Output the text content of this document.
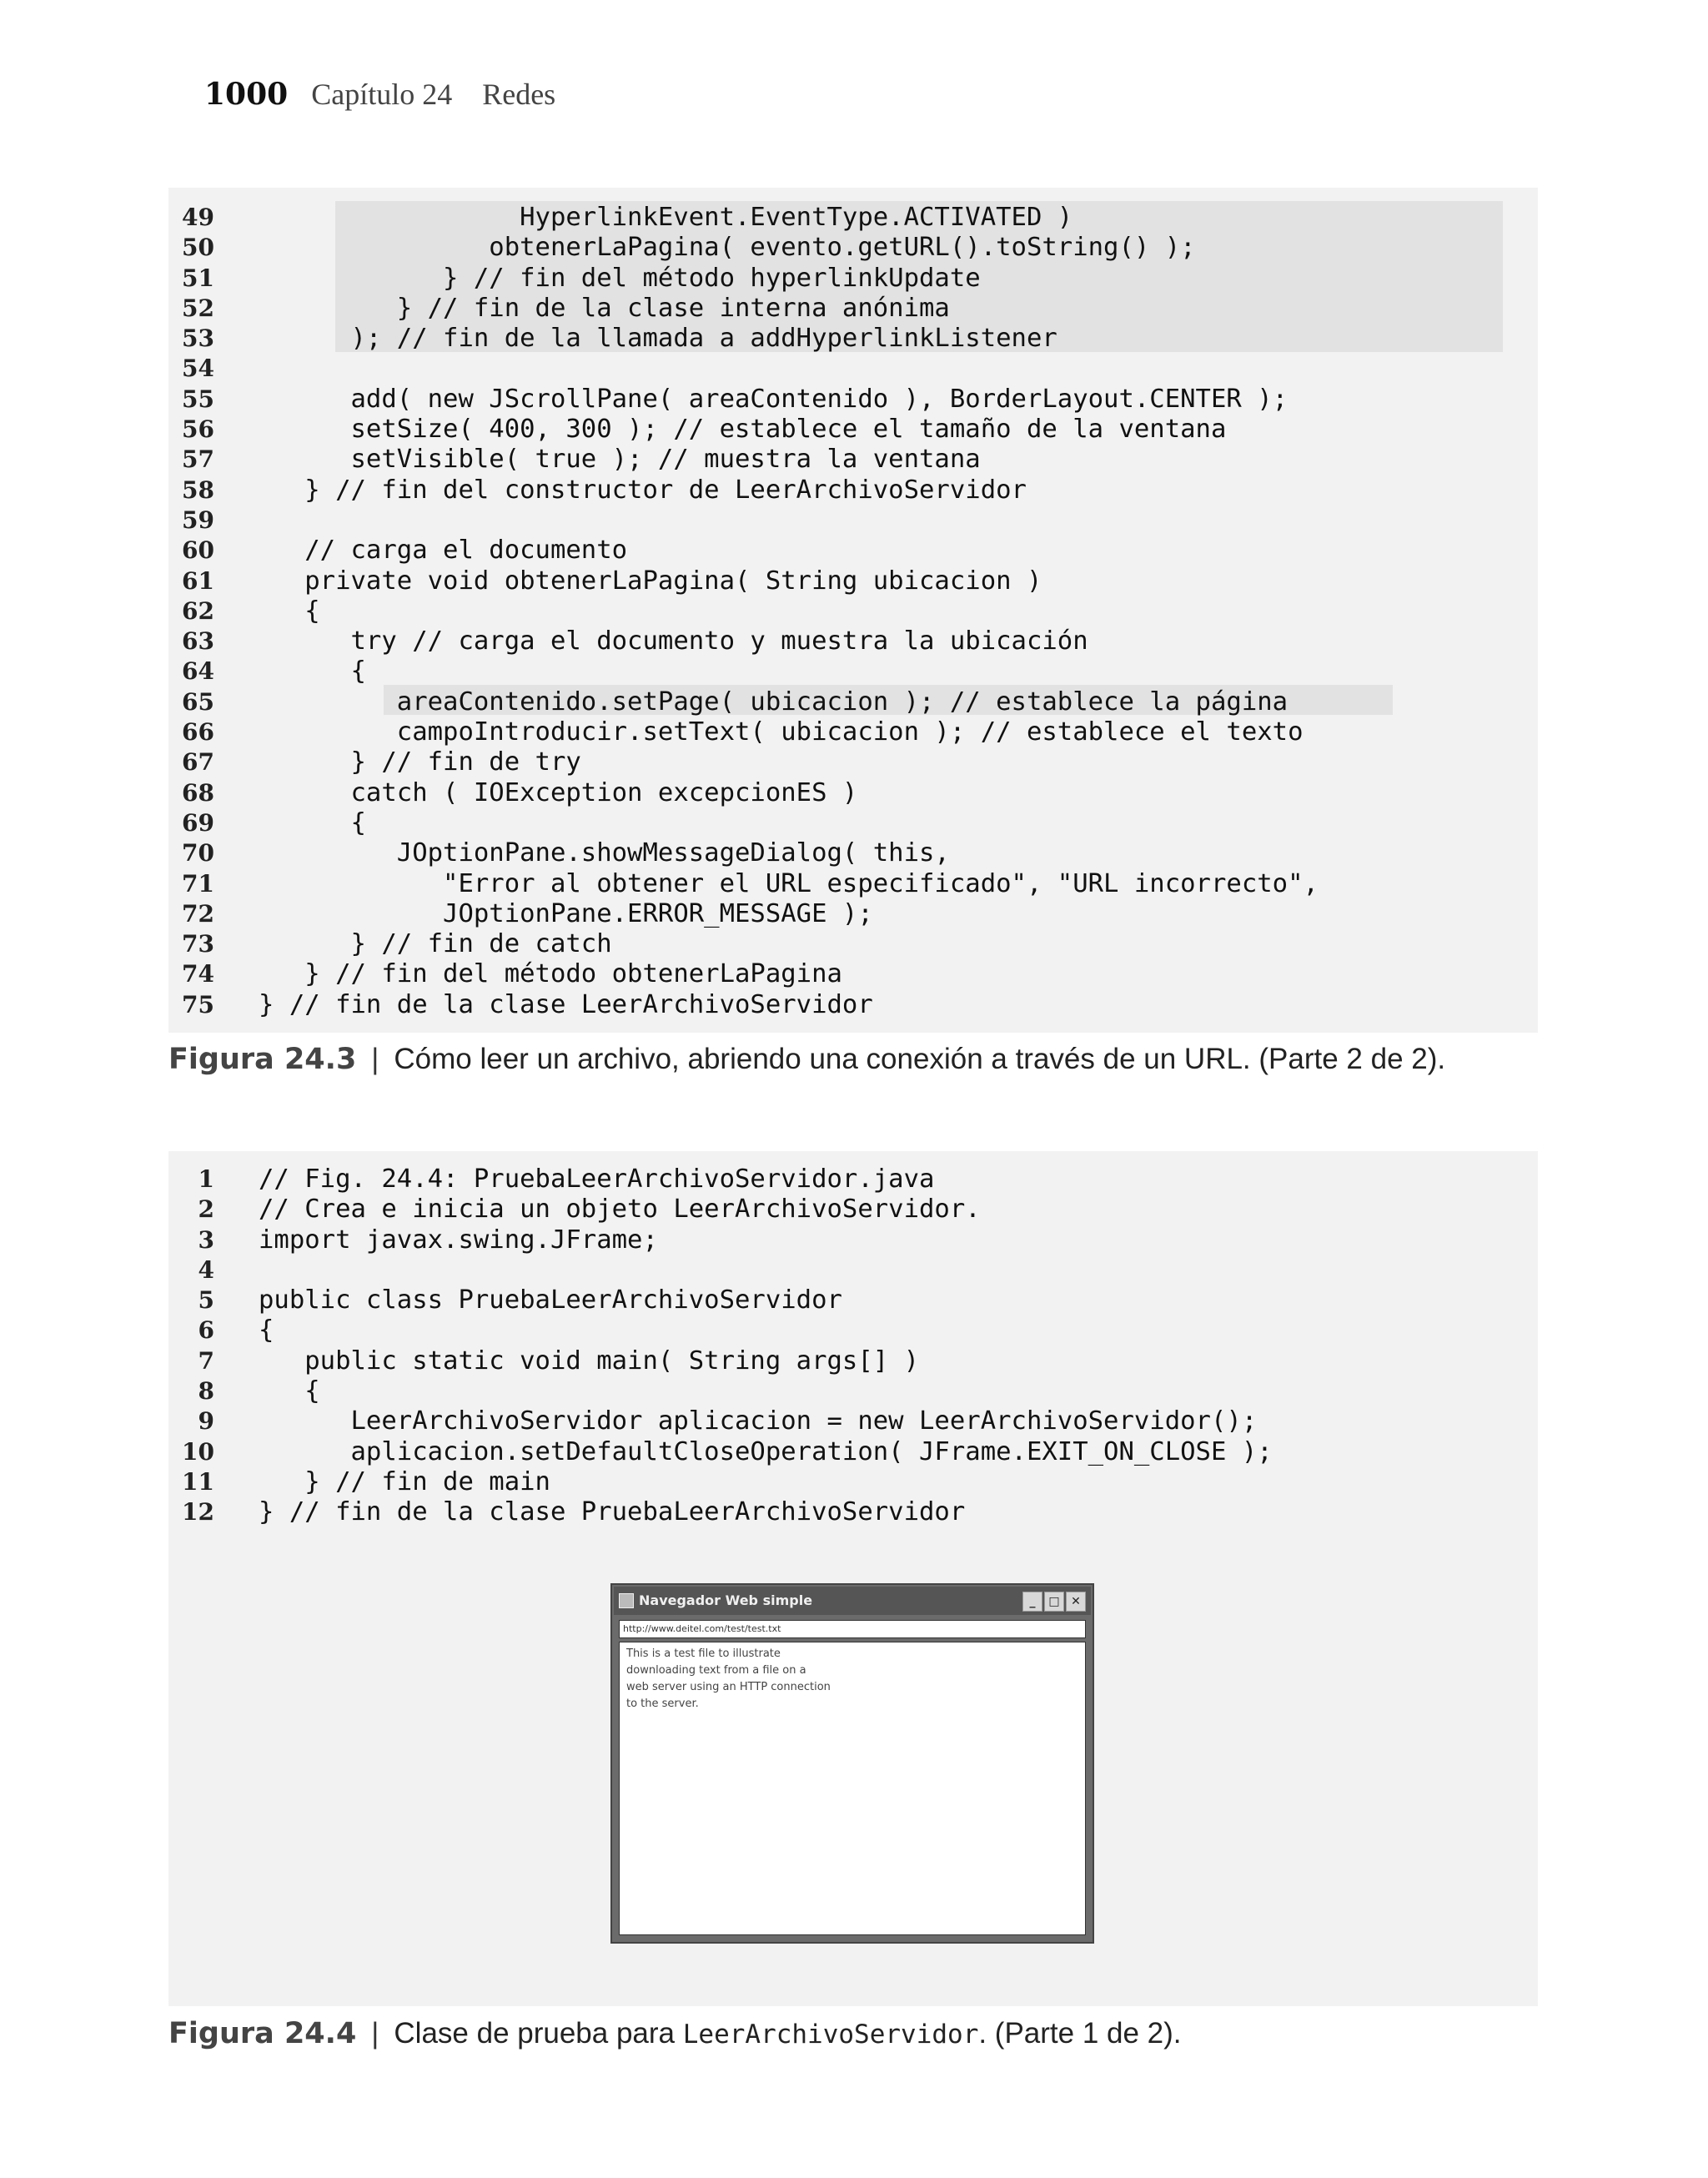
1000 Capítulo 24 Redes
49                 HyperlinkEvent.EventType.ACTIVATED )
50               obtenerLaPagina( evento.getURL().toString() );
51            } // fin del método hyperlinkUpdate
52         } // fin de la clase interna anónima
53      ); // fin de la llamada a addHyperlinkListener
54
55      add( new JScrollPane( areaContenido ), BorderLayout.CENTER );
56      setSize( 400, 300 ); // establece el tamaño de la ventana
57      setVisible( true ); // muestra la ventana
58   } // fin del constructor de LeerArchivoServidor
59
60   // carga el documento
61   private void obtenerLaPagina( String ubicacion )
62   {
63      try // carga el documento y muestra la ubicación
64      {
65         areaContenido.setPage( ubicacion ); // establece la página
66         campoIntroducir.setText( ubicacion ); // establece el texto
67      } // fin de try
68      catch ( IOException excepcionES )
69      {
70         JOptionPane.showMessageDialog( this,
71            "Error al obtener el URL especificado", "URL incorrecto",
72            JOptionPane.ERROR_MESSAGE );
73      } // fin de catch
74   } // fin del método obtenerLaPagina
75 } // fin de la clase LeerArchivoServidor
Figura 24.3 | Cómo leer un archivo, abriendo una conexión a través de un URL. (Parte 2 de 2).
1 // Fig. 24.4: PruebaLeerArchivoServidor.java
2 // Crea e inicia un objeto LeerArchivoServidor.
3 import javax.swing.JFrame;
4
5 public class PruebaLeerArchivoServidor
6 {
7   public static void main( String args[] )
8   {
9      LeerArchivoServidor aplicacion = new LeerArchivoServidor();
10      aplicacion.setDefaultCloseOperation( JFrame.EXIT_ON_CLOSE );
11   } // fin de main
12 } // fin de la clase PruebaLeerArchivoServidor
Navegador Web simple	_	□ ✕
http://www.deitel.com/test/test.txt
This is a test file to illustrate
downloading text from a file on a
web server using an HTTP connection
to the server.
Figura 24.4 | Clase de prueba para LeerArchivoServidor. (Parte 1 de 2).
